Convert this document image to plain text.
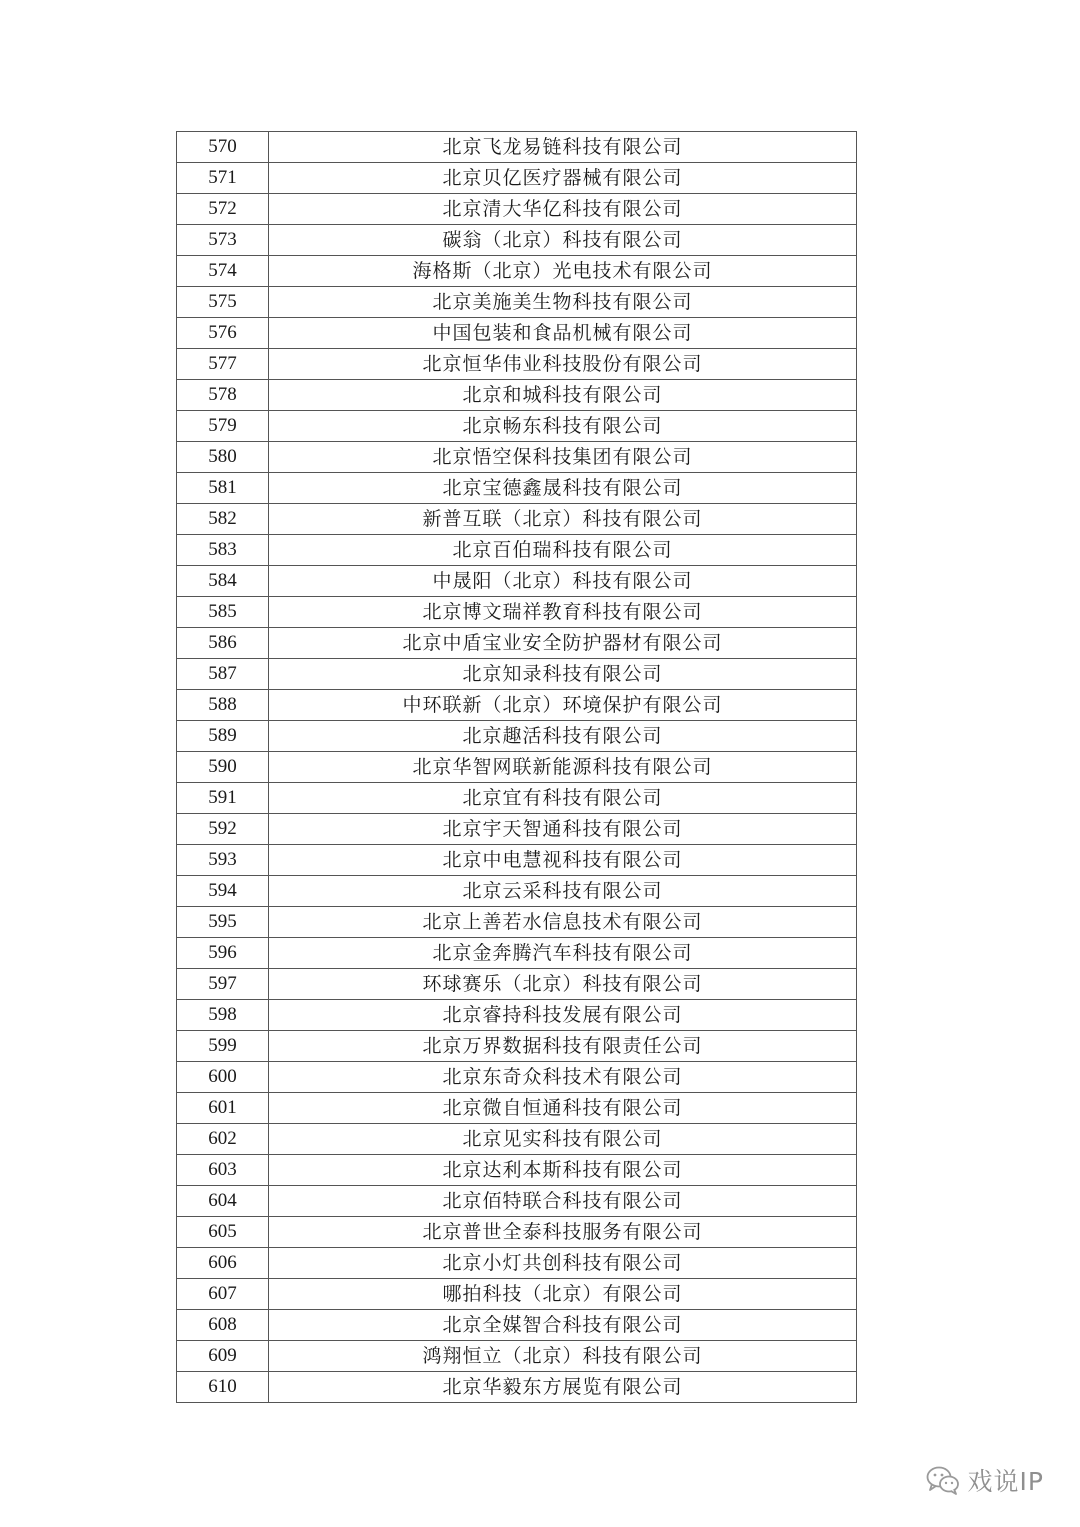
570	北京飞龙易链科技有限公司
571	北京贝亿医疗器械有限公司
572	北京清大华亿科技有限公司
573	碳翁（北京）科技有限公司
574	海格斯（北京）光电技术有限公司
575	北京美施美生物科技有限公司
576	中国包装和食品机械有限公司
577	北京恒华伟业科技股份有限公司
578	北京和城科技有限公司
579	北京畅东科技有限公司
580	北京悟空保科技集团有限公司
581	北京宝德鑫晟科技有限公司
582	新普互联（北京）科技有限公司
583	北京百伯瑞科技有限公司
584	中晟阳（北京）科技有限公司
585	北京博文瑞祥教育科技有限公司
586	北京中盾宝业安全防护器材有限公司
587	北京知录科技有限公司
588	中环联新（北京）环境保护有限公司
589	北京趣活科技有限公司
590	北京华智网联新能源科技有限公司
591	北京宜有科技有限公司
592	北京宇天智通科技有限公司
593	北京中电慧视科技有限公司
594	北京云采科技有限公司
595	北京上善若水信息技术有限公司
596	北京金奔腾汽车科技有限公司
597	环球赛乐（北京）科技有限公司
598	北京睿持科技发展有限公司
599	北京万界数据科技有限责任公司
600	北京东奇众科技术有限公司
601	北京微自恒通科技有限公司
602	北京见实科技有限公司
603	北京达利本斯科技有限公司
604	北京佰特联合科技有限公司
605	北京普世全泰科技服务有限公司
606	北京小灯共创科技有限公司
607	哪拍科技（北京）有限公司
608	北京全媒智合科技有限公司
609	鸿翔恒立（北京）科技有限公司
610	北京华毅东方展览有限公司
戏说IP
